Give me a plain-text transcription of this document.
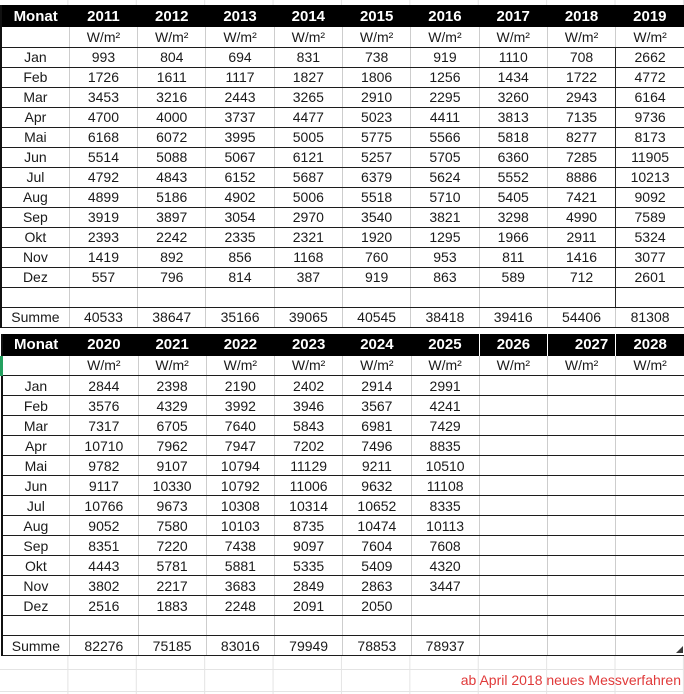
Monat	2011	2012	2013	2014	2015	2016	2017	2018	2019
	W/m²	W/m²	W/m²	W/m²	W/m²	W/m²	W/m²	W/m²	W/m²
Jan	993	804	694	831	738	919	1110	708	2662
Feb	1726	1611	1117	1827	1806	1256	1434	1722	4772
Mar	3453	3216	2443	3265	2910	2295	3260	2943	6164
Apr	4700	4000	3737	4477	5023	4411	3813	7135	9736
Mai	6168	6072	3995	5005	5775	5566	5818	8277	8173
Jun	5514	5088	5067	6121	5257	5705	6360	7285	11905
Jul	4792	4843	6152	5687	6379	5624	5552	8886	10213
Aug	4899	5186	4902	5006	5518	5710	5405	7421	9092
Sep	3919	3897	3054	2970	3540	3821	3298	4990	7589
Okt	2393	2242	2335	2321	1920	1295	1966	2911	5324
Nov	1419	892	856	1168	760	953	811	1416	3077
Dez	557	796	814	387	919	863	589	712	2601

Summe	40533	38647	35166	39065	40545	38418	39416	54406	81308
Monat	2020	2021	2022	2023	2024	2025	2026	2027	2028
	W/m²	W/m²	W/m²	W/m²	W/m²	W/m²	W/m²	W/m²	W/m²
Jan	2844	2398	2190	2402	2914	2991			
Feb	3576	4329	3992	3946	3567	4241			
Mar	7317	6705	7640	5843	6981	7429			
Apr	10710	7962	7947	7202	7496	8835			
Mai	9782	9107	10794	11129	9211	10510			
Jun	9117	10330	10792	11006	9632	11108			
Jul	10766	9673	10308	10314	10652	8335			
Aug	9052	7580	10103	8735	10474	10113			
Sep	8351	7220	7438	9097	7604	7608			
Okt	4443	5781	5881	5335	5409	4320			
Nov	3802	2217	3683	2849	2863	3447			
Dez	2516	1883	2248	2091	2050				

Summe	82276	75185	83016	79949	78853	78937			
ab April 2018 neues Messverfahren
